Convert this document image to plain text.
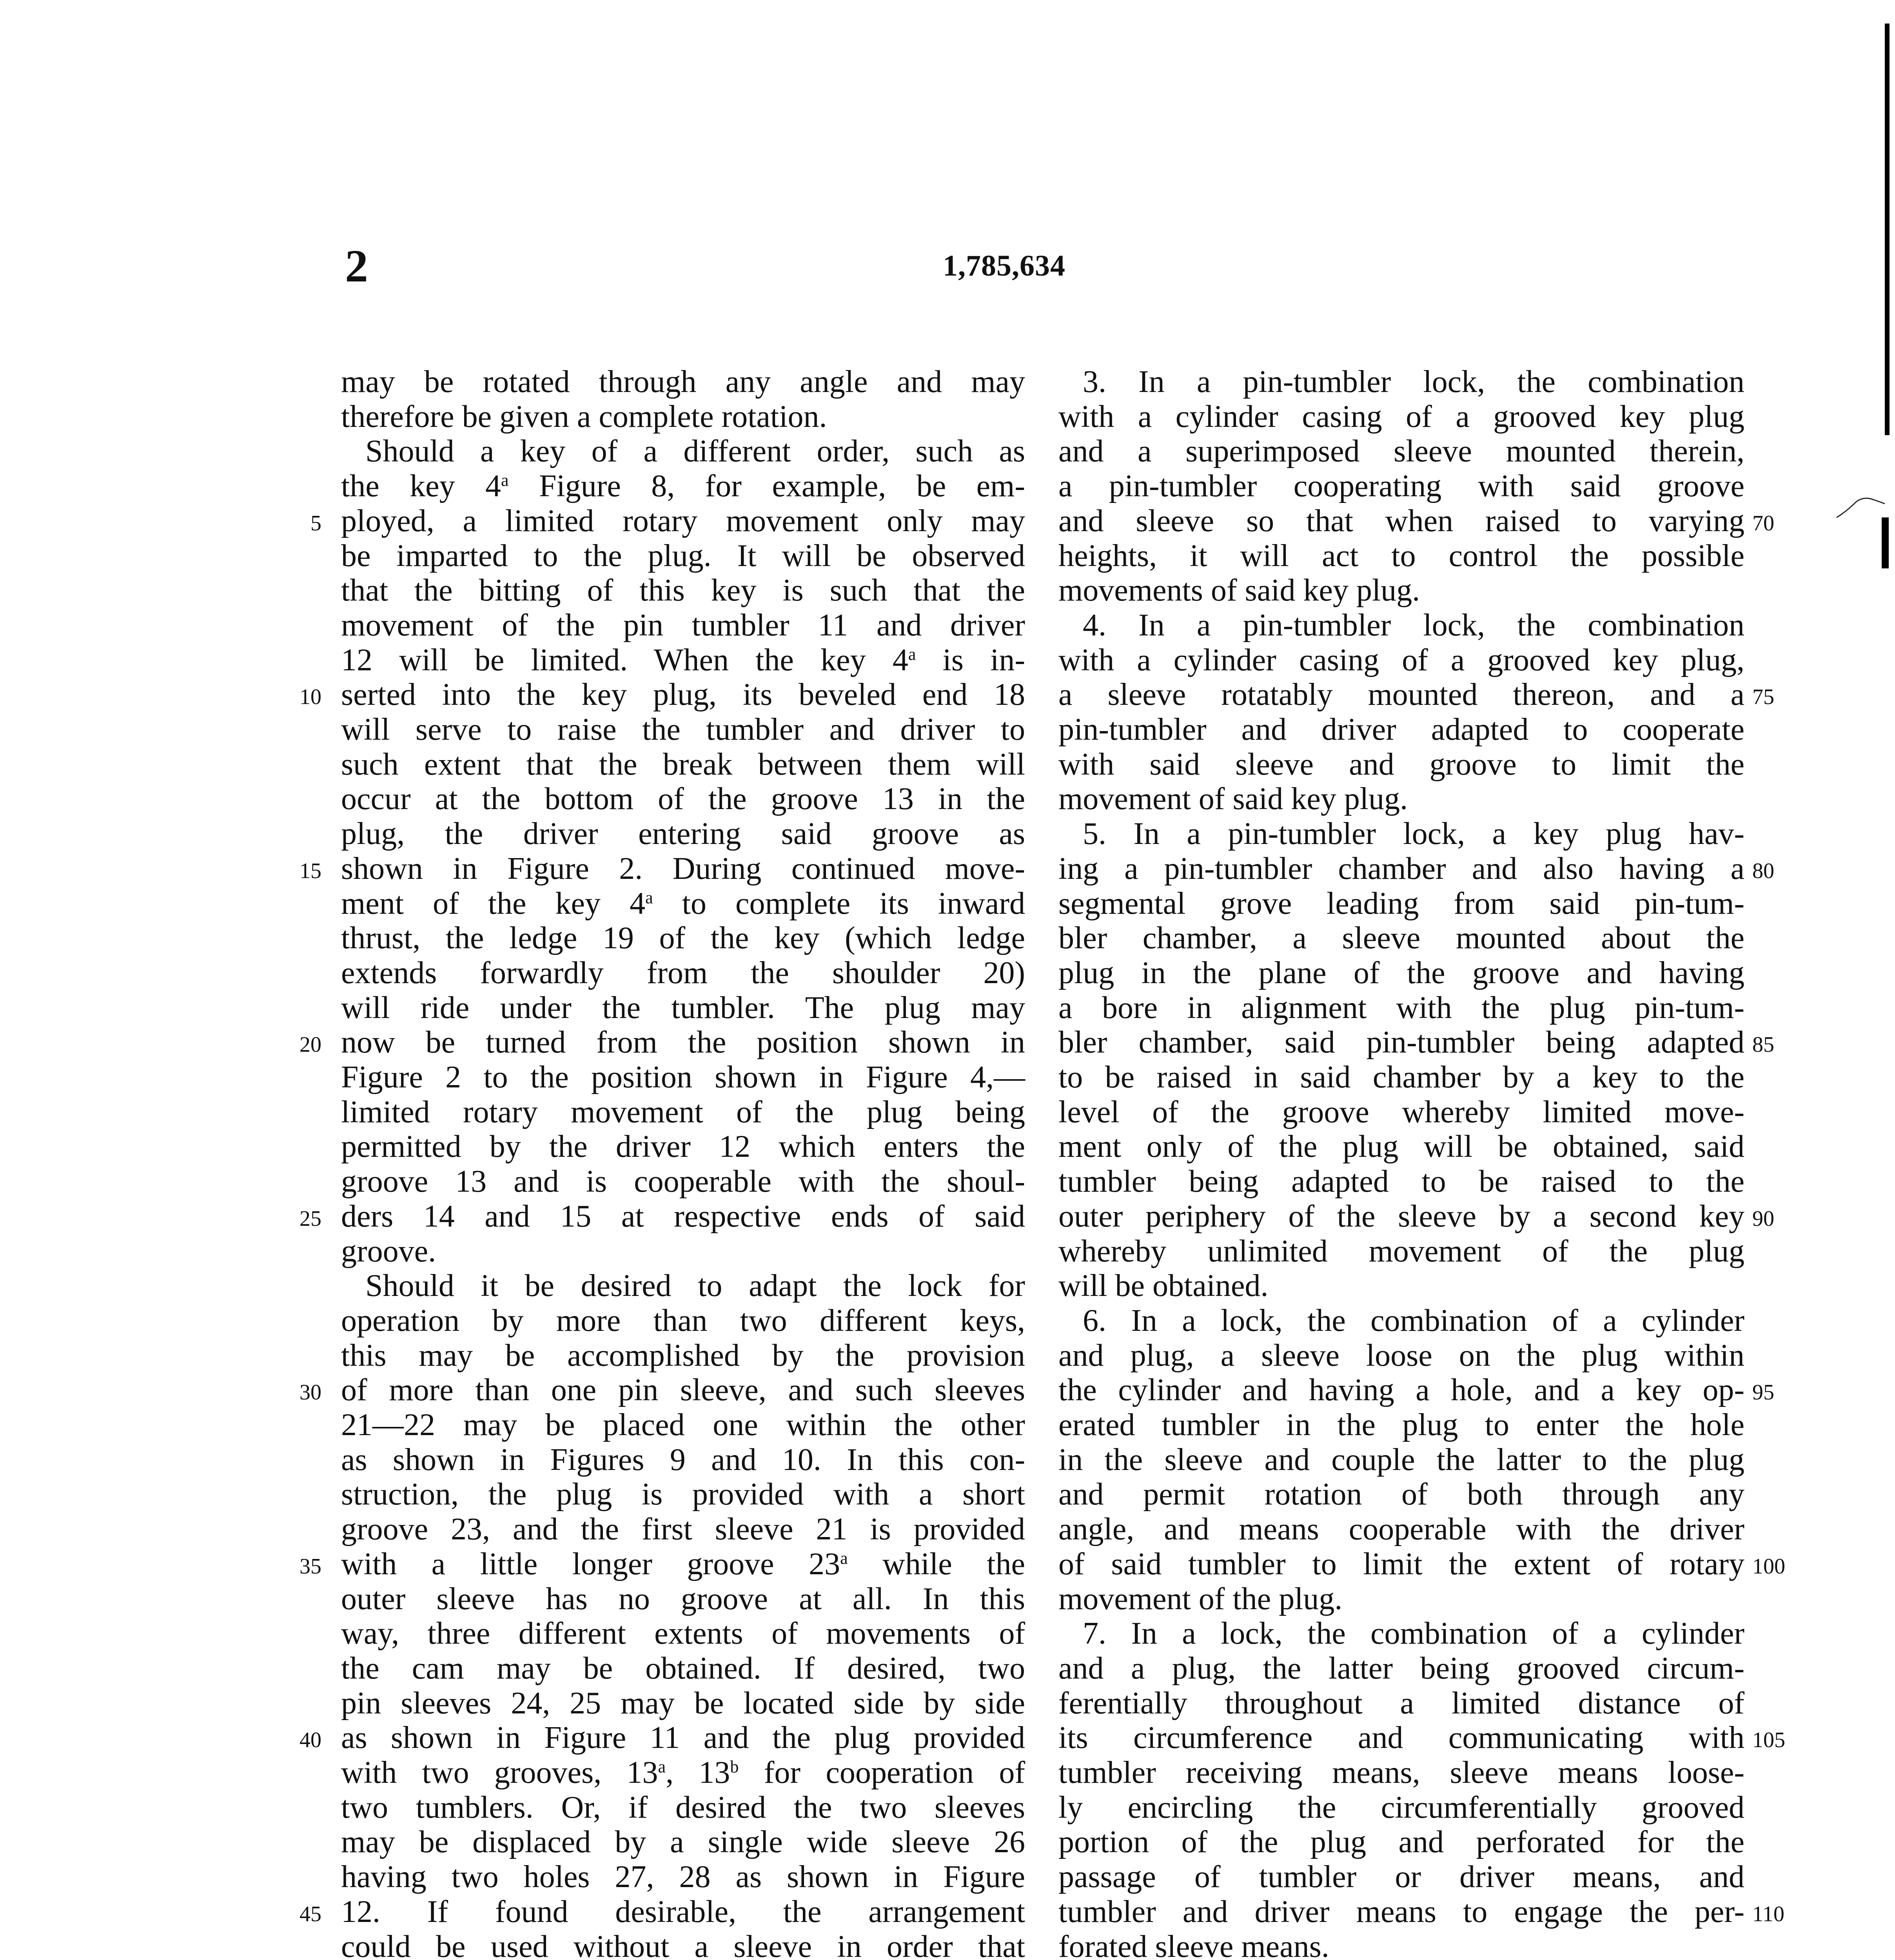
2	1,785,634
may be rotated through any angle and may
therefore be given a complete rotation.
Should a key of a different order, such as
the key 4$^a$ Figure 8, for example, be em-
ployed, a limited rotary movement only may
be imparted to the plug. It will be observed
that the bitting of this key is such that the
movement of the pin tumbler 11 and driver
12 will be limited. When the key 4$^a$ is in-
serted into the key plug, its beveled end 18
will serve to raise the tumbler and driver to
such extent that the break between them will
occur at the bottom of the groove 13 in the
plug, the driver entering said groove as
shown in Figure 2. During continued move-
ment of the key 4$^a$ to complete its inward
thrust, the ledge 19 of the key (which ledge
extends forwardly from the shoulder 20)
will ride under the tumbler. The plug may
now be turned from the position shown in
Figure 2 to the position shown in Figure 4,—
limited rotary movement of the plug being
permitted by the driver 12 which enters the
groove 13 and is cooperable with the shoul-
ders 14 and 15 at respective ends of said
groove.
Should it be desired to adapt the lock for
operation by more than two different keys,
this may be accomplished by the provision
of more than one pin sleeve, and such sleeves
21—22 may be placed one within the other
as shown in Figures 9 and 10. In this con-
struction, the plug is provided with a short
groove 23, and the first sleeve 21 is provided
with a little longer groove 23$^a$ while the
outer sleeve has no groove at all. In this
way, three different extents of movements of
the cam may be obtained. If desired, two
pin sleeves 24, 25 may be located side by side
as shown in Figure 11 and the plug provided
with two grooves, 13$^a$, 13$^b$ for cooperation of
two tumblers. Or, if desired the two sleeves
may be displaced by a single wide sleeve 26
having two holes 27, 28 as shown in Figure
12. If found desirable, the arrangement
could be used without a sleeve in order that
3. In a pin-tumbler lock, the combination
with a cylinder casing of a grooved key plug
and a superimposed sleeve mounted therein,
a pin-tumbler cooperating with said groove
and sleeve so that when raised to varying
heights, it will act to control the possible
movements of said key plug.
4. In a pin-tumbler lock, the combination
with a cylinder casing of a grooved key plug,
a sleeve rotatably mounted thereon, and a
pin-tumbler and driver adapted to cooperate
with said sleeve and groove to limit the
movement of said key plug.
5. In a pin-tumbler lock, a key plug hav-
ing a pin-tumbler chamber and also having a
segmental grove leading from said pin-tum-
bler chamber, a sleeve mounted about the
plug in the plane of the groove and having
a bore in alignment with the plug pin-tum-
bler chamber, said pin-tumbler being adapted
to be raised in said chamber by a key to the
level of the groove whereby limited move-
ment only of the plug will be obtained, said
tumbler being adapted to be raised to the
outer periphery of the sleeve by a second key
whereby unlimited movement of the plug
will be obtained.
6. In a lock, the combination of a cylinder
and plug, a sleeve loose on the plug within
the cylinder and having a hole, and a key op-
erated tumbler in the plug to enter the hole
in the sleeve and couple the latter to the plug
and permit rotation of both through any
angle, and means cooperable with the driver
of said tumbler to limit the extent of rotary
movement of the plug.
7. In a lock, the combination of a cylinder
and a plug, the latter being grooved circum-
ferentially throughout a limited distance of
its circumference and communicating with
tumbler receiving means, sleeve means loose-
ly encircling the circumferentially grooved
portion of the plug and perforated for the
passage of tumbler or driver means, and
tumbler and driver means to engage the per-
forated sleeve means.
5
10
15
20
25
30
35
40
45
70
75
80
85
90
95
100
105
110
